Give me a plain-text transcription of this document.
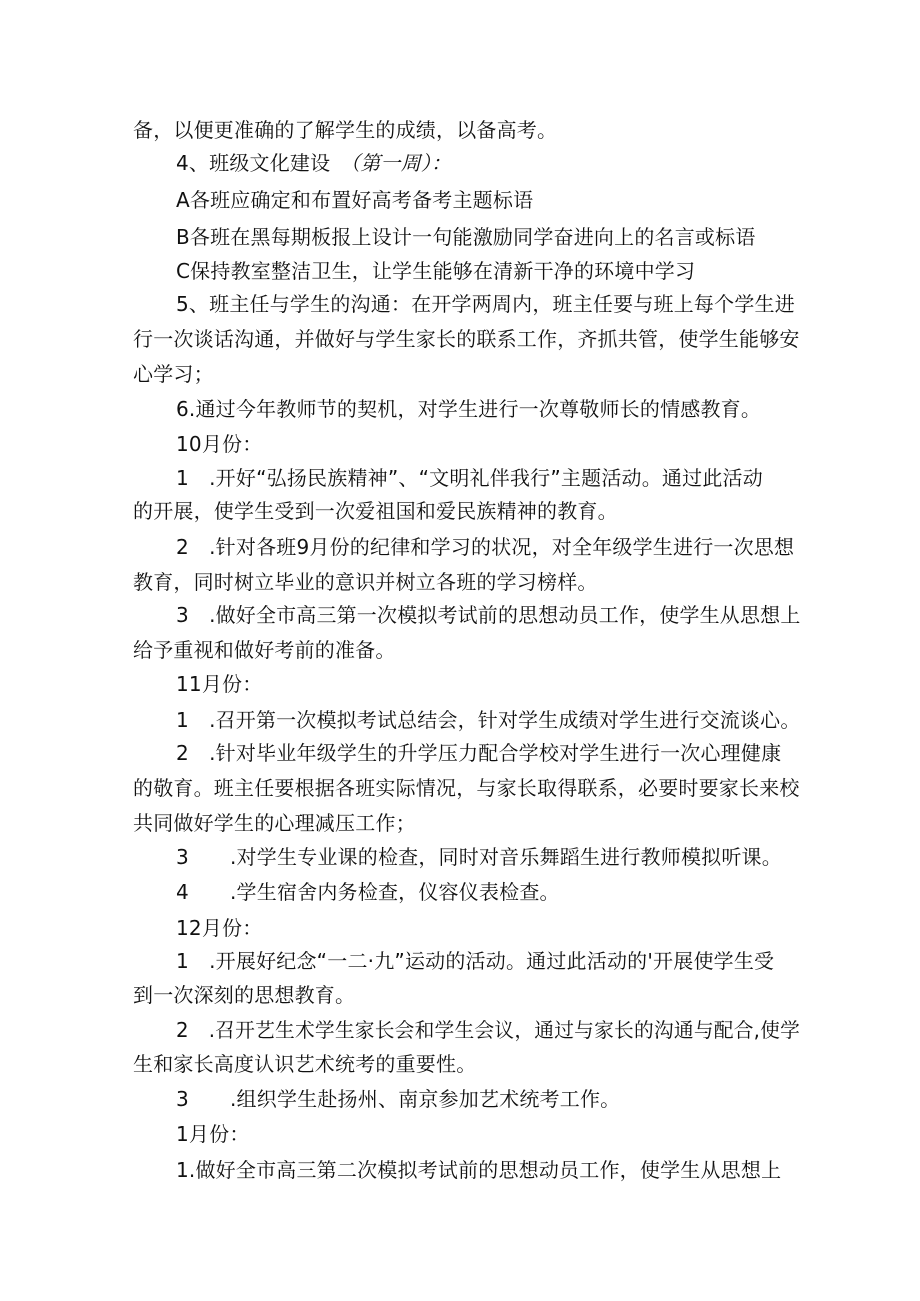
备，以便更准确的了解学生的成绩，以备高考。
4、班级文化建设 （第一周）：
A各班应确定和布置好高考备考主题标语
B各班在黑每期板报上设计一句能激励同学奋进向上的名言或标语
C保持教室整洁卫生，让学生能够在清新干净的环境中学习
5、班主任与学生的沟通：在开学两周内，班主任要与班上每个学生进
行一次谈话沟通，并做好与学生家长的联系工作，齐抓共管，使学生能够安
心学习；
6.通过今年教师节的契机，对学生进行一次尊敬师长的情感教育。
10月份：
1　.开好“弘扬民族精神”、“文明礼伴我行”主题活动。通过此活动
的开展，使学生受到一次爱祖国和爱民族精神的教育。
2　.针对各班9月份的纪律和学习的状况，对全年级学生进行一次思想
教育，同时树立毕业的意识并树立各班的学习榜样。
3　.做好全市高三第一次模拟考试前的思想动员工作，使学生从思想上
给予重视和做好考前的准备。
11月份：
1　.召开第一次模拟考试总结会，针对学生成绩对学生进行交流谈心。
2　.针对毕业年级学生的升学压力配合学校对学生进行一次心理健康
的敬育。班主任要根据各班实际情况，与家长取得联系，必要时要家长来校
共同做好学生的心理减压工作；
3 .对学生专业课的检查，同时对音乐舞蹈生进行教师模拟听课。
4 .学生宿舍内务检查，仪容仪表检查。
12月份：
1　.开展好纪念“一二·九”运动的活动。通过此活动的'开展使学生受
到一次深刻的思想教育。
2　.召开艺生术学生家长会和学生会议，通过与家长的沟通与配合,使学
生和家长高度认识艺术统考的重要性。
3 .组织学生赴扬州、南京参加艺术统考工作。
1月份：
1.做好全市高三第二次模拟考试前的思想动员工作，使学生从思想上
